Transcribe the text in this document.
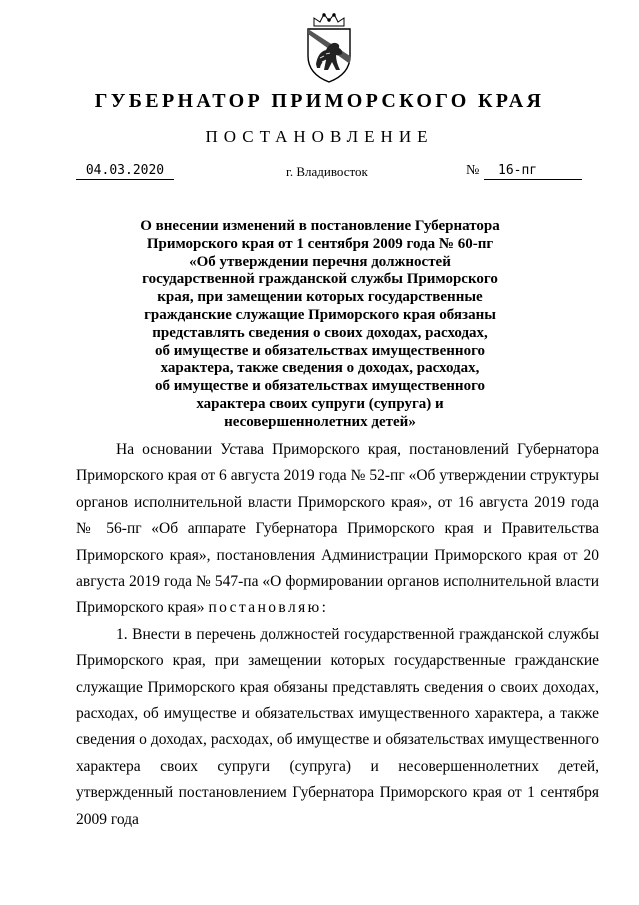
ГУБЕРНАТОР ПРИМОРСКОГО КРАЯ
ПОСТАНОВЛЕНИЕ
04.03.2020	г. Владивосток	№	16-пг
О внесении изменений в постановление Губернатора
Приморского края от 1 сентября 2009 года № 60-пг
«Об утверждении перечня должностей
государственной гражданской службы Приморского
края, при замещении которых государственные
гражданские служащие Приморского края обязаны
представлять сведения о своих доходах, расходах,
об имуществе и обязательствах имущественного
характера, также сведения о доходах, расходах,
об имуществе и обязательствах имущественного
характера своих супруги (супруга) и
несовершеннолетних детей»

На основании Устава Приморского края, постановлений Губернатора Приморского края от 6 августа 2019 года № 52-пг «Об утверждении структуры органов исполнительной власти Приморского края», от 16 августа 2019 года № 56-пг «Об аппарате Губернатора Приморского края и Правительства Приморского края», постановления Администрации Приморского края от 20 августа 2019 года № 547-па «О формировании органов исполнительной власти Приморского края» постановляю:

1. Внести в перечень должностей государственной гражданской службы Приморского края, при замещении которых государственные гражданские служащие Приморского края обязаны представлять сведения о своих доходах, расходах, об имуществе и обязательствах имущественного характера, а также сведения о доходах, расходах, об имуществе и обязательствах имущественного характера своих супруги (супруга) и несовершеннолетних детей, утвержденный постановлением Губернатора Приморского края от 1 сентября 2009 года
